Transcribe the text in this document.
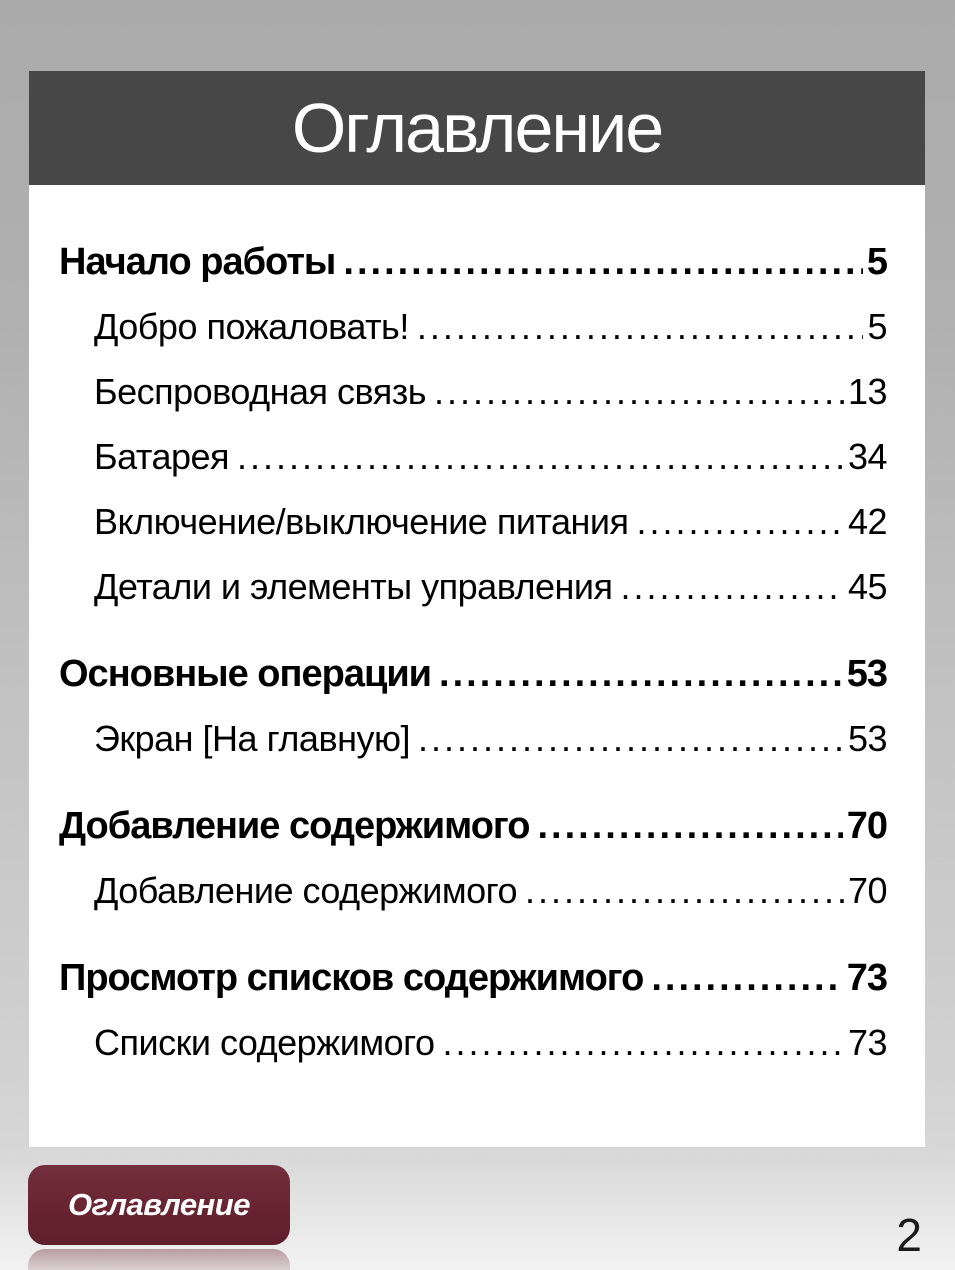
Оглавление
Начало работы .....	5
Добро пожаловать! .....	5
Беспроводная связь .....	13
Батарея .....	34
Включение/выключение питания .....	42
Детали и элементы управления .....	45
Основные операции .....	53
Экран [На главную] .....	53
Добавление содержимого .....	70
Добавление содержимого .....	70
Просмотр списков содержимого .....	73
Списки содержимого .....	73
Оглавление
2
